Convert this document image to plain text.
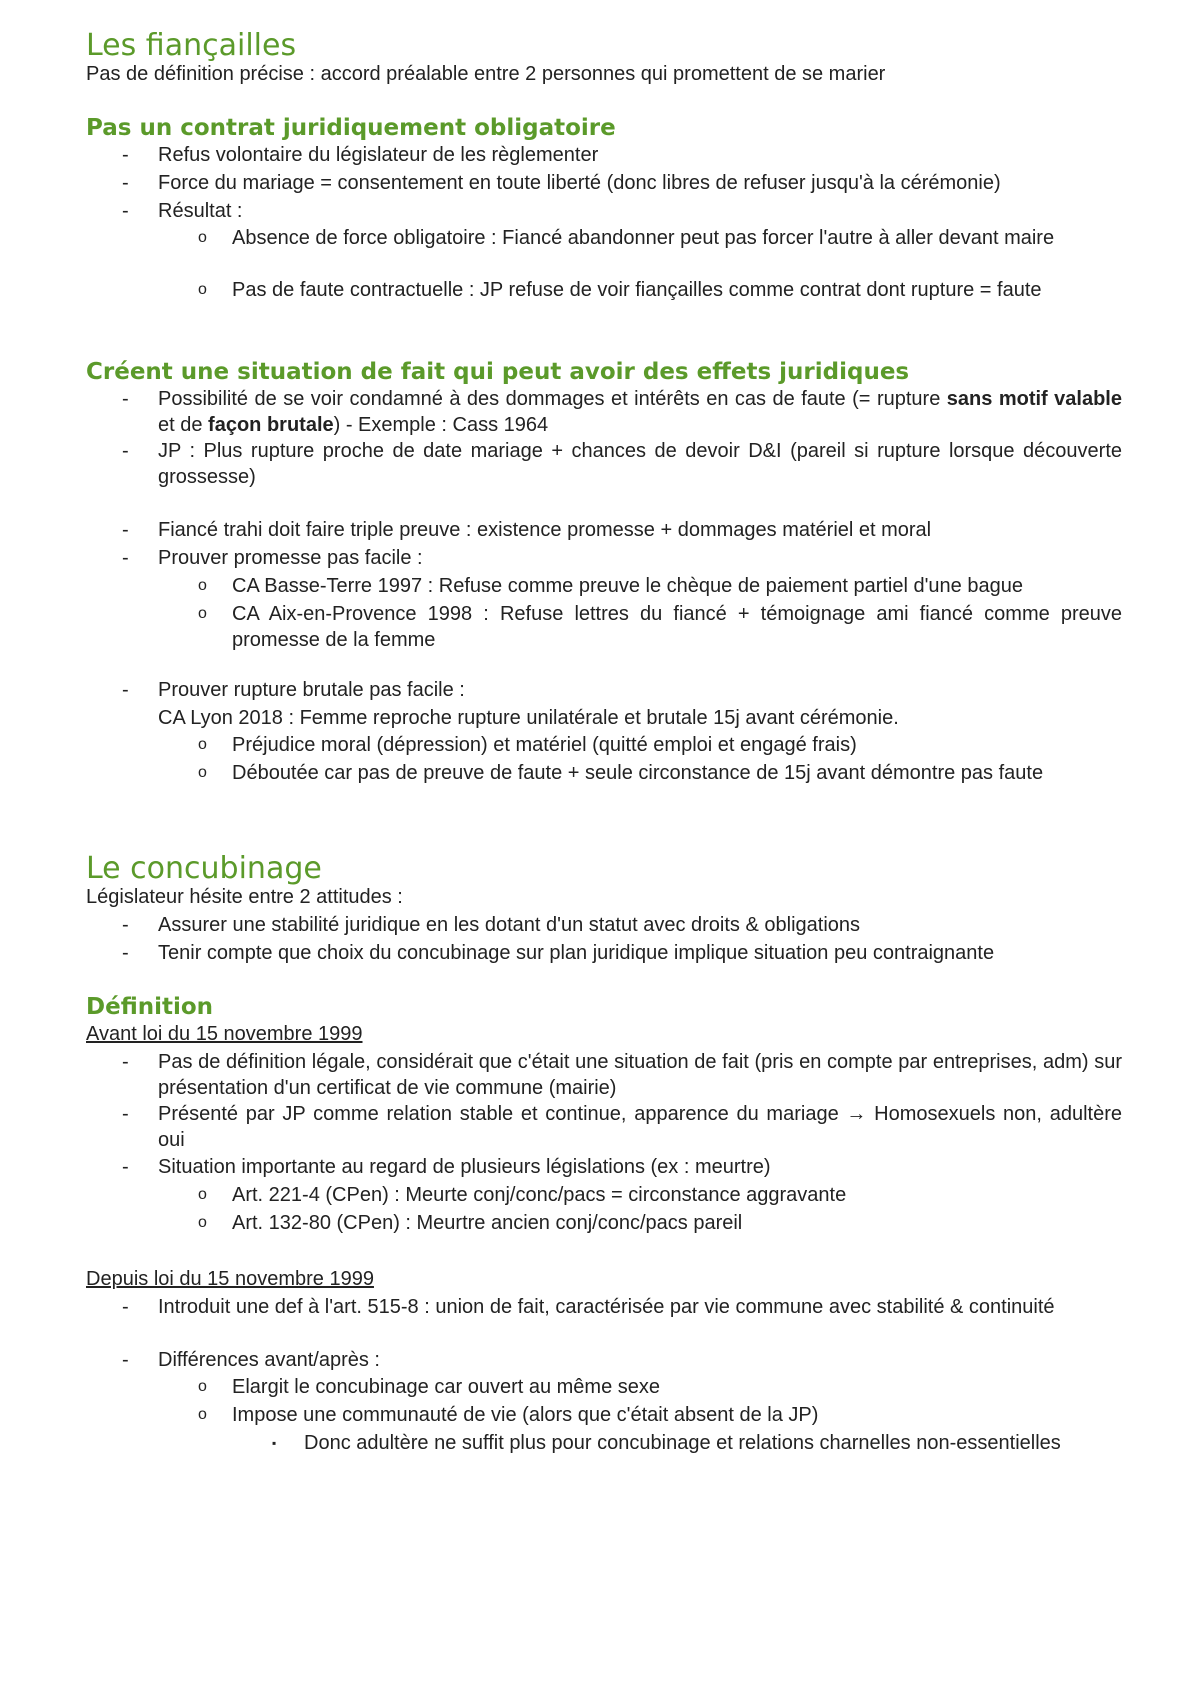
Les fiançailles

Pas de définition précise : accord préalable entre 2 personnes qui promettent de se marier

Pas un contrat juridiquement obligatoire
- Refus volontaire du législateur de les règlementer

- Force du mariage = consentement en toute liberté (donc libres de refuser jusqu'à la cérémonie)

- Résultat :

o Absence de force obligatoire : Fiancé abandonner peut pas forcer l'autre à aller devant maire

o Pas de faute contractuelle : JP refuse de voir fiançailles comme contrat dont rupture = faute

Créent une situation de fait qui peut avoir des effets juridiques
- Possibilité de se voir condamné à des dommages et intérêts en cas de faute (= rupture sans motif valable et de façon brutale) - Exemple : Cass 1964

- JP : Plus rupture proche de date mariage + chances de devoir D&I (pareil si rupture lorsque découverte grossesse)

- Fiancé trahi doit faire triple preuve : existence promesse + dommages matériel et moral

- Prouver promesse pas facile :

o CA Basse-Terre 1997 : Refuse comme preuve le chèque de paiement partiel d'une bague

o CA Aix-en-Provence 1998 : Refuse lettres du fiancé + témoignage ami fiancé comme preuve promesse de la femme

- Prouver rupture brutale pas facile :

CA Lyon 2018 : Femme reproche rupture unilatérale et brutale 15j avant cérémonie.

o Préjudice moral (dépression) et matériel (quitté emploi et engagé frais)

o Déboutée car pas de preuve de faute + seule circonstance de 15j avant démontre pas faute

Le concubinage

Législateur hésite entre 2 attitudes :

- Assurer une stabilité juridique en les dotant d'un statut avec droits & obligations

- Tenir compte que choix du concubinage sur plan juridique implique situation peu contraignante

Définition

Avant loi du 15 novembre 1999

- Pas de définition légale, considérait que c'était une situation de fait (pris en compte par entreprises, adm) sur présentation d'un certificat de vie commune (mairie)

- Présenté par JP comme relation stable et continue, apparence du mariage → Homosexuels non, adultère oui

- Situation importante au regard de plusieurs législations (ex : meurtre)

o Art. 221-4 (CPen) : Meurte conj/conc/pacs = circonstance aggravante

o Art. 132-80 (CPen) : Meurtre ancien conj/conc/pacs pareil

Depuis loi du 15 novembre 1999

- Introduit une def à l'art. 515-8 : union de fait, caractérisée par vie commune avec stabilité & continuité

- Différences avant/après :

o Elargit le concubinage car ouvert au même sexe

o Impose une communauté de vie (alors que c'était absent de la JP)

▪ Donc adultère ne suffit plus pour concubinage et relations charnelles non-essentielles
